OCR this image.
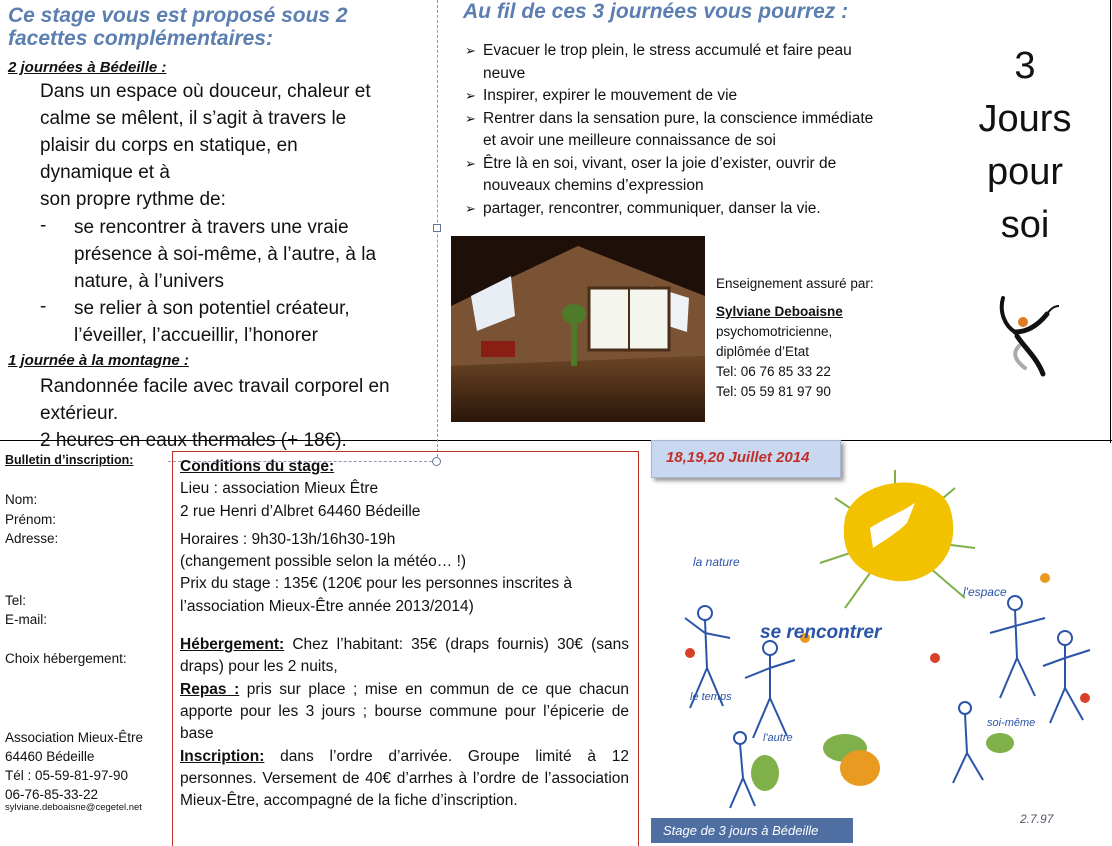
Ce stage vous est proposé sous 2
facettes complémentaires:
2 journées à Bédeille :
Dans un espace où douceur, chaleur et
calme se mêlent, il s’agit à travers le
plaisir du corps en statique, en
dynamique et à
son propre rythme de:
- se rencontrer à travers une vraie
présence à soi-même, à l’autre, à la
nature, à l’univers
- se relier à son potentiel créateur,
l’éveiller, l’accueillir, l’honorer
1 journée à la montagne :
Randonnée facile avec travail corporel en
extérieur.
2 heures en eaux thermales (+ 18€).
Au fil de ces 3 journées vous pourrez :
➢ Evacuer le trop plein, le stress accumulé et faire peau
neuve
➢ Inspirer, expirer le mouvement de vie
➢ Rentrer dans la sensation pure, la conscience immédiate
et avoir une meilleure connaissance de soi
➢ Être là en soi, vivant, oser la joie d’exister, ouvrir de
nouveaux chemins d’expression
➢ partager, rencontrer, communiquer, danser la vie.
3
Jours
pour
soi
Enseignement assuré par:
Sylviane Deboaisne
psychomotricienne,
diplômée d’Etat
Tel: 06 76 85 33 22
Tel: 05 59 81 97 90
Bulletin d’inscription:
Nom:
Prénom:
Adresse:
Tel:
E-mail:
Choix hébergement:
Association Mieux-Être
64460 Bédeille
Tél : 05-59-81-97-90
06-76-85-33-22
sylviane.deboaisne@cegetel.net

Conditions du stage:

Lieu : association Mieux Être

2 rue Henri d’Albret 64460 Bédeille

Horaires : 9h30-13h/16h30-19h

(changement possible selon la météo… !)

Prix du stage : 135€ (120€ pour les personnes inscrites à l’association Mieux-Être année 2013/2014)

Hébergement: Chez l’habitant: 35€ (draps fournis) 30€ (sans draps) pour les 2 nuits,

Repas : pris sur place ; mise en commun de ce que chacun apporte pour les 3 jours ; bourse commune pour l’épicerie de base

Inscription: dans l’ordre d’arrivée. Groupe limité à 12 personnes. Versement de 40€ d’arrhes à l’ordre de l’association Mieux-Être, accompagné de la fiche d’inscription.

la nature
l'espace
se rencontrer
le temps
l'autre
soi-même
18,19,20 Juillet 2014
Stage de 3 jours à Bédeille
2.7.97
